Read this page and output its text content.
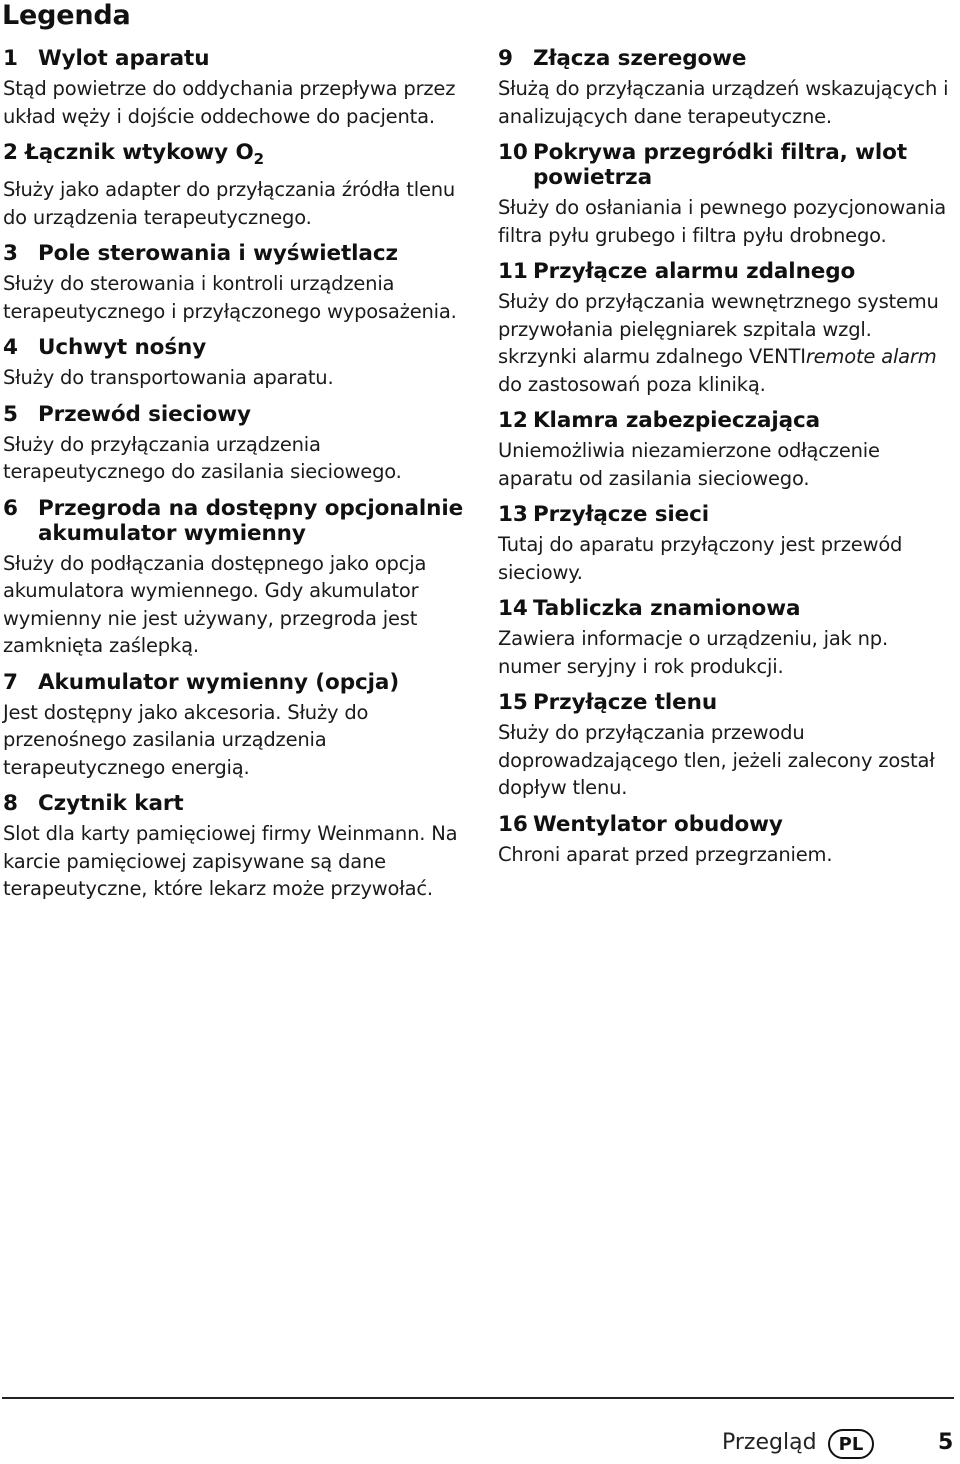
Legenda
1 Wylot aparatu
Stąd powietrze do oddychania przepływa przez układ węży i dojście oddechowe do pacjenta.
2 Łącznik wtykowy $O_2$
Służy jako adapter do przyłączania źródła tlenu do urządzenia terapeutycznego.
3 Pole sterowania i wyświetlacz
Służy do sterowania i kontroli urządzenia terapeutycznego i przyłączonego wyposażenia.
4 Uchwyt nośny
Służy do transportowania aparatu.
5 Przewód sieciowy
Służy do przyłączania urządzenia terapeutycznego do zasilania sieciowego.
6 Przegroda na dostępny opcjonalnie akumulator wymienny
Służy do podłączania dostępnego jako opcja akumulatora wymiennego. Gdy akumulator wymienny nie jest używany, przegroda jest zamknięta zaślepką.
7 Akumulator wymienny (opcja)
Jest dostępny jako akcesoria. Służy do przenośnego zasilania urządzenia terapeutycznego energią.
8 Czytnik kart
Slot dla karty pamięciowej firmy Weinmann. Na karcie pamięciowej zapisywane są dane terapeutyczne, które lekarz może przywołać.
9 Złącza szeregowe
Służą do przyłączania urządzeń wskazujących i analizujących dane terapeutyczne.
10 Pokrywa przegródki filtra, wlot powietrza
Służy do osłaniania i pewnego pozycjonowania filtra pyłu grubego i filtra pyłu drobnego.
11 Przyłącze alarmu zdalnego
Służy do przyłączania wewnętrznego systemu przywołania pielęgniarek szpitala wzgl. skrzynki alarmu zdalnego VENTIremote alarm do zastosowań poza kliniką.
12 Klamra zabezpieczająca
Uniemożliwia niezamierzone odłączenie aparatu od zasilania sieciowego.
13 Przyłącze sieci
Tutaj do aparatu przyłączony jest przewód sieciowy.
14 Tabliczka znamionowa
Zawiera informacje o urządzeniu, jak np. numer seryjny i rok produkcji.
15 Przyłącze tlenu
Służy do przyłączania przewodu doprowadzającego tlen, jeżeli zalecony został dopływ tlenu.
16 Wentylator obudowy
Chroni aparat przed przegrzaniem.
Przegląd	PL	5
